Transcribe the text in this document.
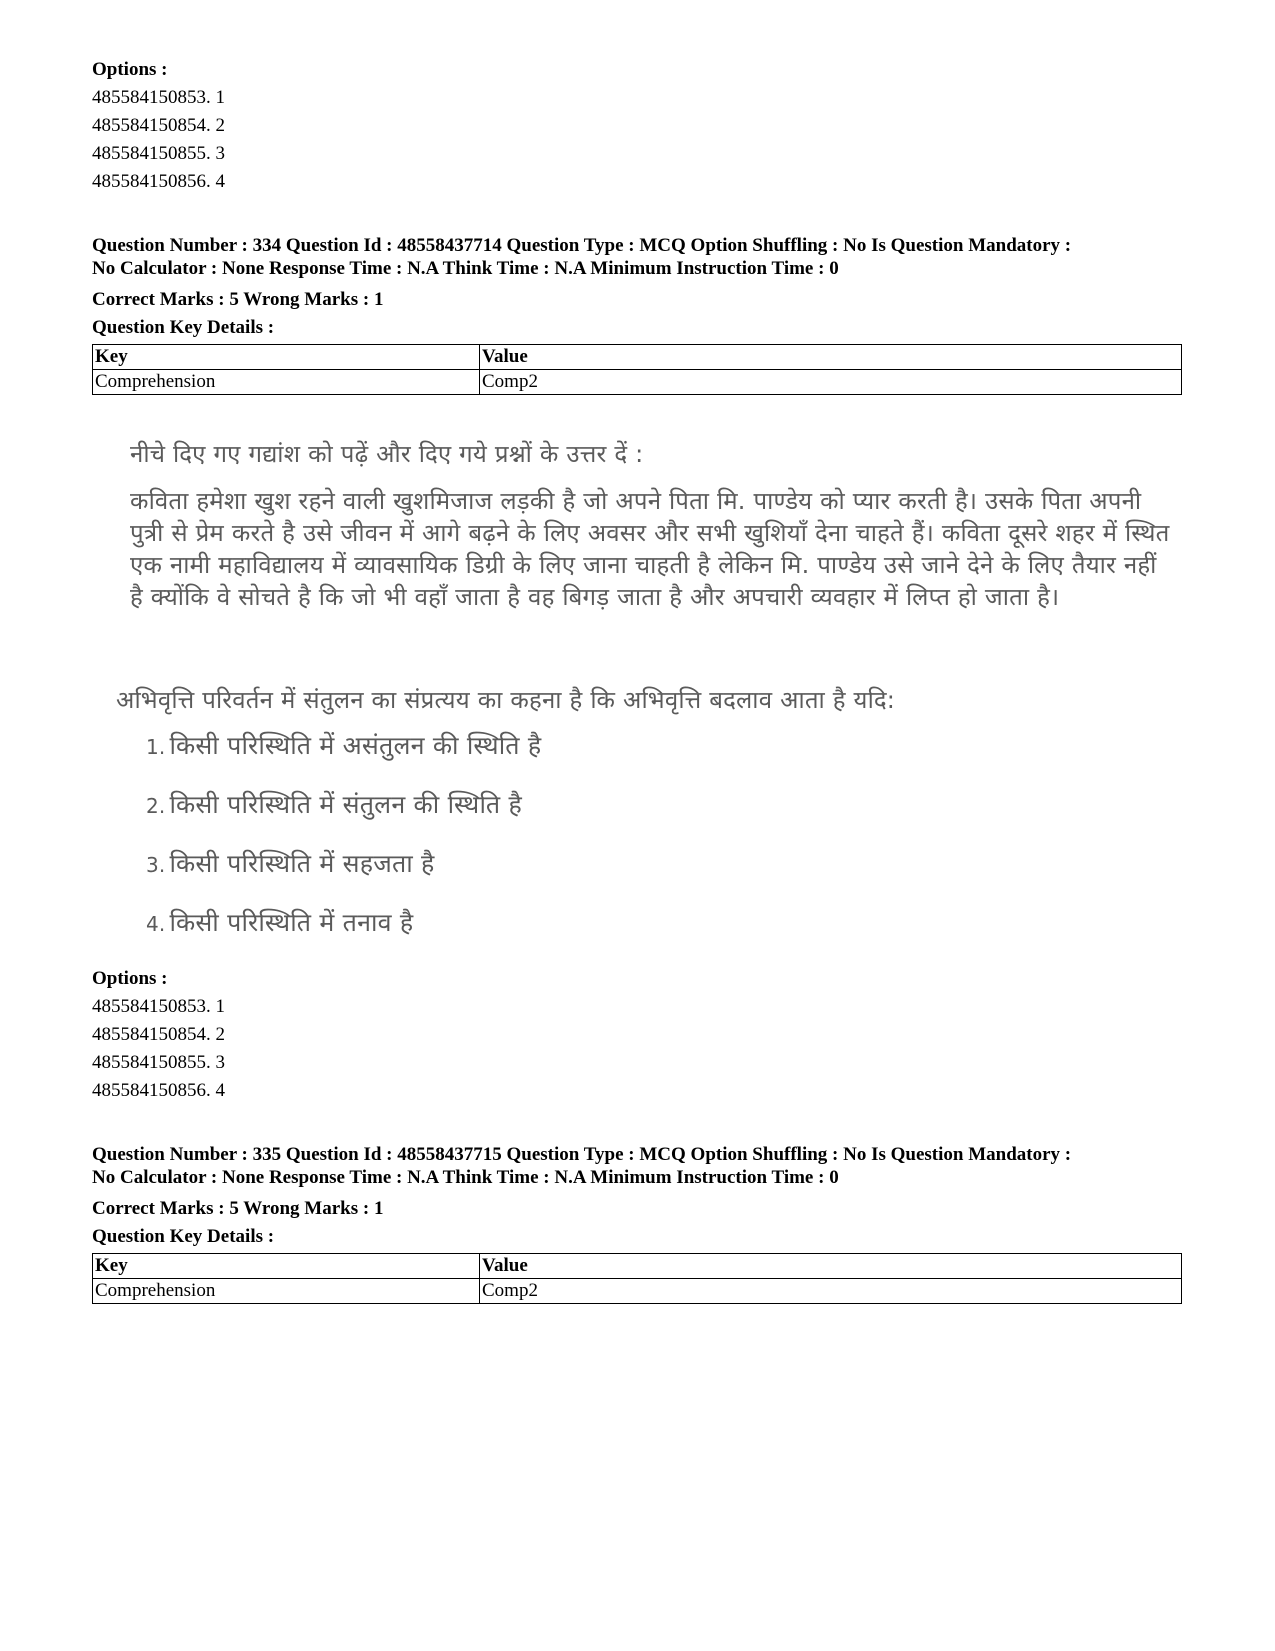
Options :
485584150853. 1
485584150854. 2
485584150855. 3
485584150856. 4
Question Number : 334 Question Id : 48558437714 Question Type : MCQ Option Shuffling : No Is Question Mandatory :
No Calculator : None Response Time : N.A Think Time : N.A Minimum Instruction Time : 0
Correct Marks : 5 Wrong Marks : 1
Question Key Details :
Key	Value
Comprehension	Comp2
नीचे दिए गए गद्यांश को पढ़ें और दिए गये प्रश्नों के उत्तर दें :
कविता हमेशा खुश रहने वाली खुशमिजाज लड़की है जो अपने पिता मि. पाण्डेय को प्यार करती है। उसके पिता अपनी
पुत्री से प्रेम करते है उसे जीवन में आगे बढ़ने के लिए अवसर और सभी खुशियाँ देना चाहते हैं। कविता दूसरे शहर में स्थित
एक नामी महाविद्यालय में व्यावसायिक डिग्री के लिए जाना चाहती है लेकिन मि. पाण्डेय उसे जाने देने के लिए तैयार नहीं
है क्योंकि वे सोचते है कि जो भी वहाँ जाता है वह बिगड़ जाता है और अपचारी व्यवहार में लिप्त हो जाता है।
अभिवृत्ति परिवर्तन में संतुलन का संप्रत्यय का कहना है कि अभिवृत्ति बदलाव आता है यदि:
1. किसी परिस्थिति में असंतुलन की स्थिति है
2. किसी परिस्थिति में संतुलन की स्थिति है
3. किसी परिस्थिति में सहजता है
4. किसी परिस्थिति में तनाव है
Options :
485584150853. 1
485584150854. 2
485584150855. 3
485584150856. 4
Question Number : 335 Question Id : 48558437715 Question Type : MCQ Option Shuffling : No Is Question Mandatory :
No Calculator : None Response Time : N.A Think Time : N.A Minimum Instruction Time : 0
Correct Marks : 5 Wrong Marks : 1
Question Key Details :
Key	Value
Comprehension	Comp2
